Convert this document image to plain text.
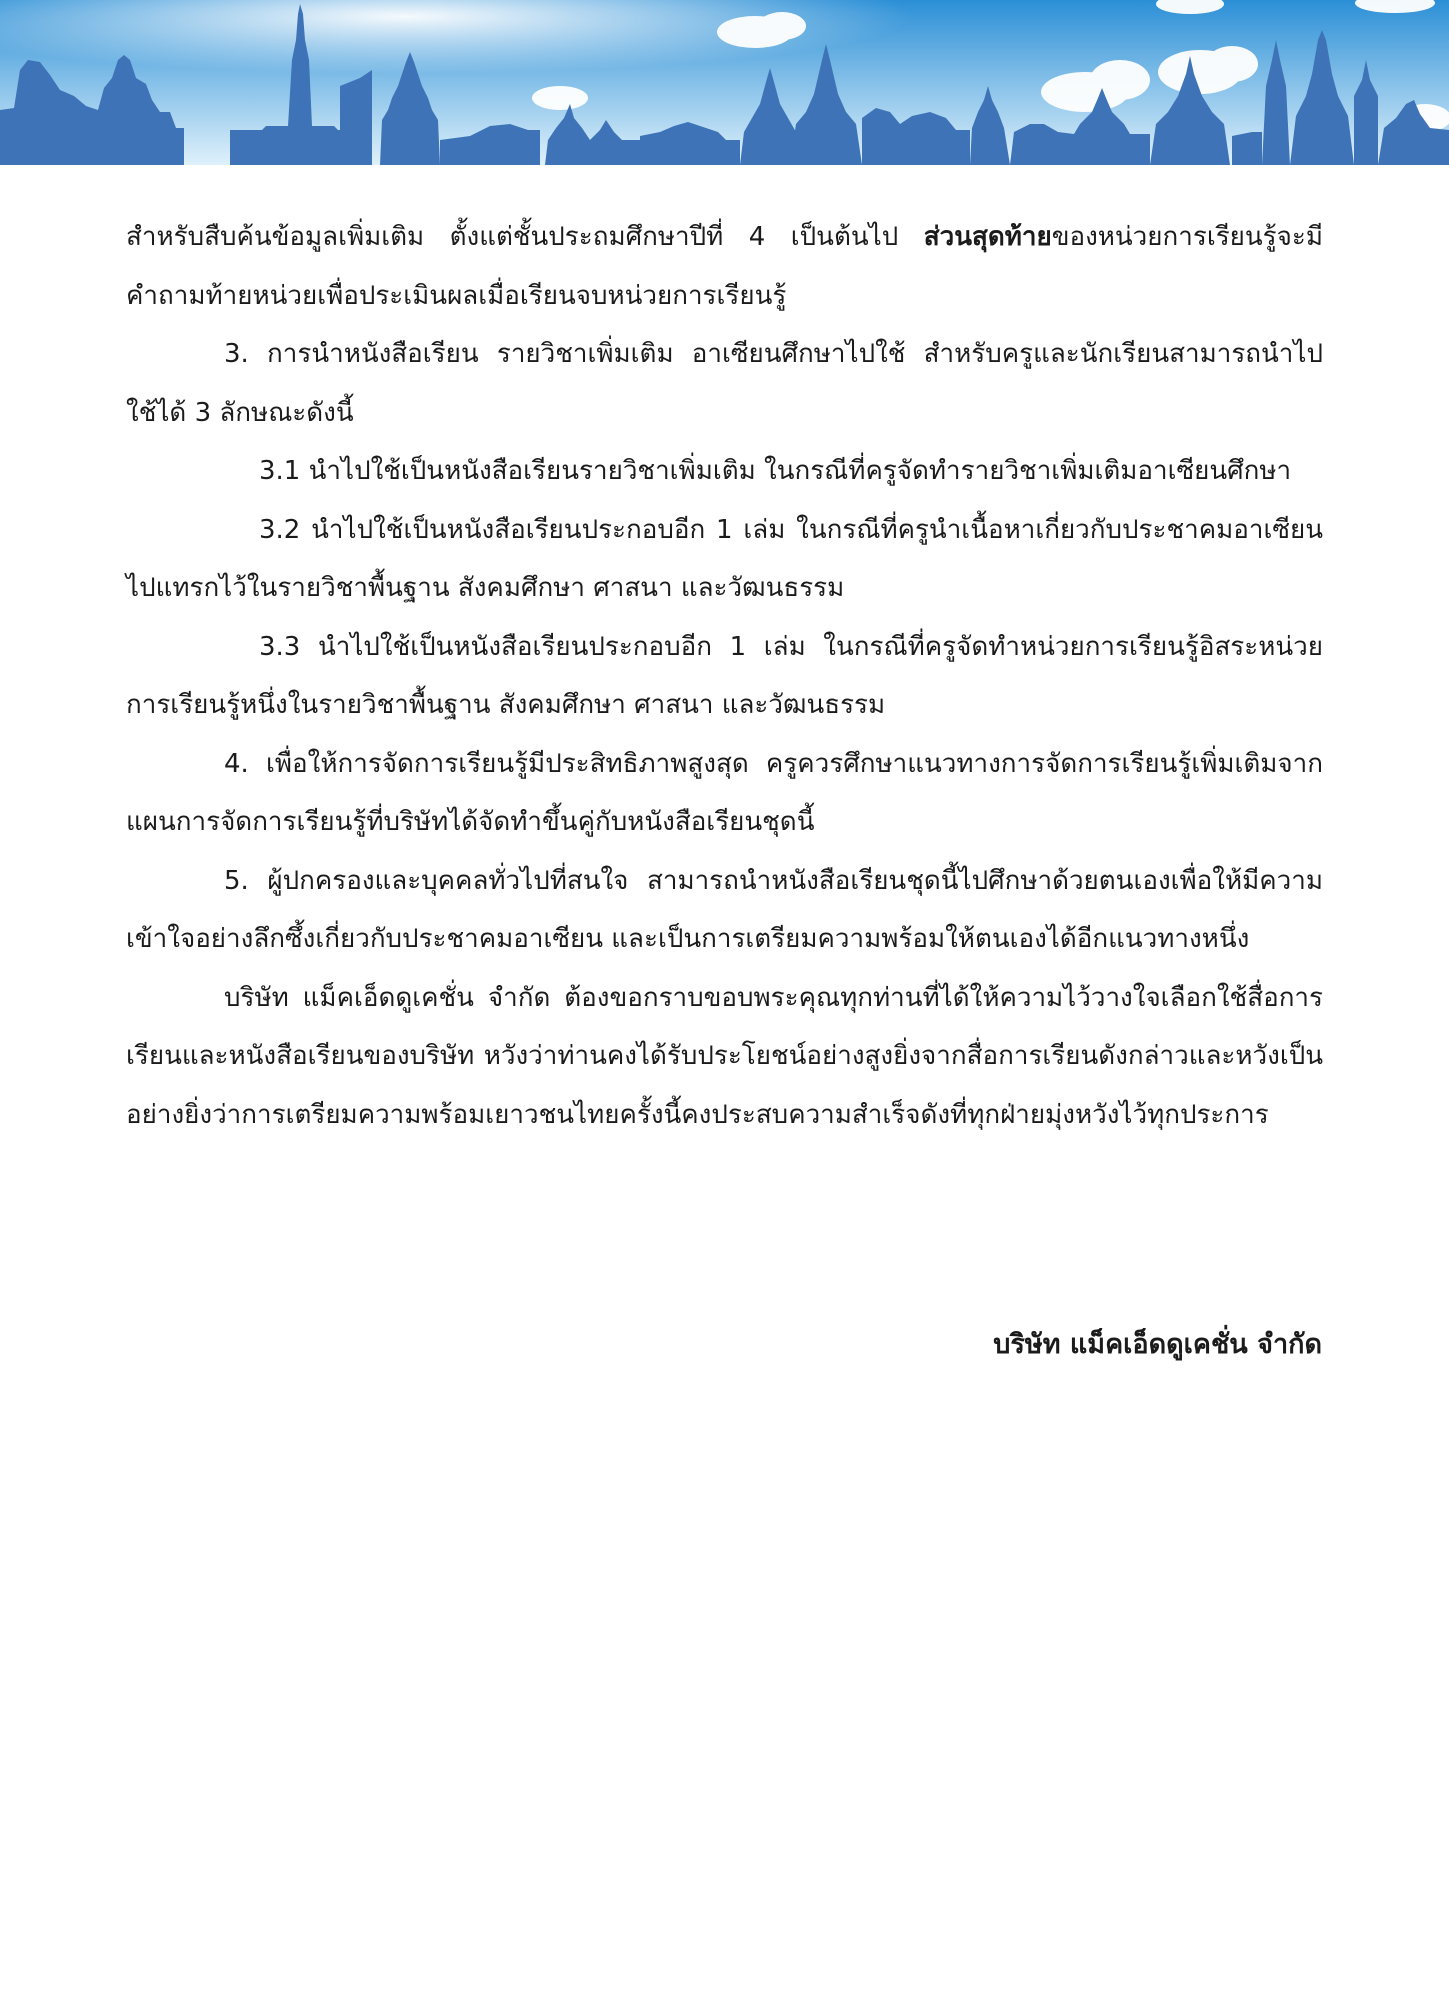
สำหรับสืบค้นข้อมูลเพิ่มเติม ตั้งแต่ชั้นประถมศึกษาปีที่ 4 เป็นต้นไป ส่วนสุดท้ายของหน่วยการเรียนรู้จะมีคำถามท้ายหน่วยเพื่อประเมินผลเมื่อเรียนจบหน่วยการเรียนรู้

3. การนำหนังสือเรียน รายวิชาเพิ่มเติม อาเซียนศึกษาไปใช้ สำหรับครูและนักเรียนสามารถนำไปใช้ได้ 3 ลักษณะดังนี้

3.1 นำไปใช้เป็นหนังสือเรียนรายวิชาเพิ่มเติม ในกรณีที่ครูจัดทำรายวิชาเพิ่มเติมอาเซียนศึกษา

3.2 นำไปใช้เป็นหนังสือเรียนประกอบอีก 1 เล่ม ในกรณีที่ครูนำเนื้อหาเกี่ยวกับประชาคมอาเซียนไปแทรกไว้ในรายวิชาพื้นฐาน สังคมศึกษา ศาสนา และวัฒนธรรม

3.3 นำไปใช้เป็นหนังสือเรียนประกอบอีก 1 เล่ม ในกรณีที่ครูจัดทำหน่วยการเรียนรู้อิสระหน่วยการเรียนรู้หนึ่งในรายวิชาพื้นฐาน สังคมศึกษา ศาสนา และวัฒนธรรม

4. เพื่อให้การจัดการเรียนรู้มีประสิทธิภาพสูงสุด ครูควรศึกษาแนวทางการจัดการเรียนรู้เพิ่มเติมจากแผนการจัดการเรียนรู้ที่บริษัทได้จัดทำขึ้นคู่กับหนังสือเรียนชุดนี้

5. ผู้ปกครองและบุคคลทั่วไปที่สนใจ สามารถนำหนังสือเรียนชุดนี้ไปศึกษาด้วยตนเองเพื่อให้มีความเข้าใจอย่างลึกซึ้งเกี่ยวกับประชาคมอาเซียน และเป็นการเตรียมความพร้อมให้ตนเองได้อีกแนวทางหนึ่ง

บริษัท แม็คเอ็ดดูเคชั่น จำกัด ต้องขอกราบขอบพระคุณทุกท่านที่ได้ให้ความไว้วางใจเลือกใช้สื่อการเรียนและหนังสือเรียนของบริษัท หวังว่าท่านคงได้รับประโยชน์อย่างสูงยิ่งจากสื่อการเรียนดังกล่าวและหวังเป็นอย่างยิ่งว่าการเตรียมความพร้อมเยาวชนไทยครั้งนี้คงประสบความสำเร็จดังที่ทุกฝ่ายมุ่งหวังไว้ทุกประการ

บริษัท แม็คเอ็ดดูเคชั่น จำกัด
